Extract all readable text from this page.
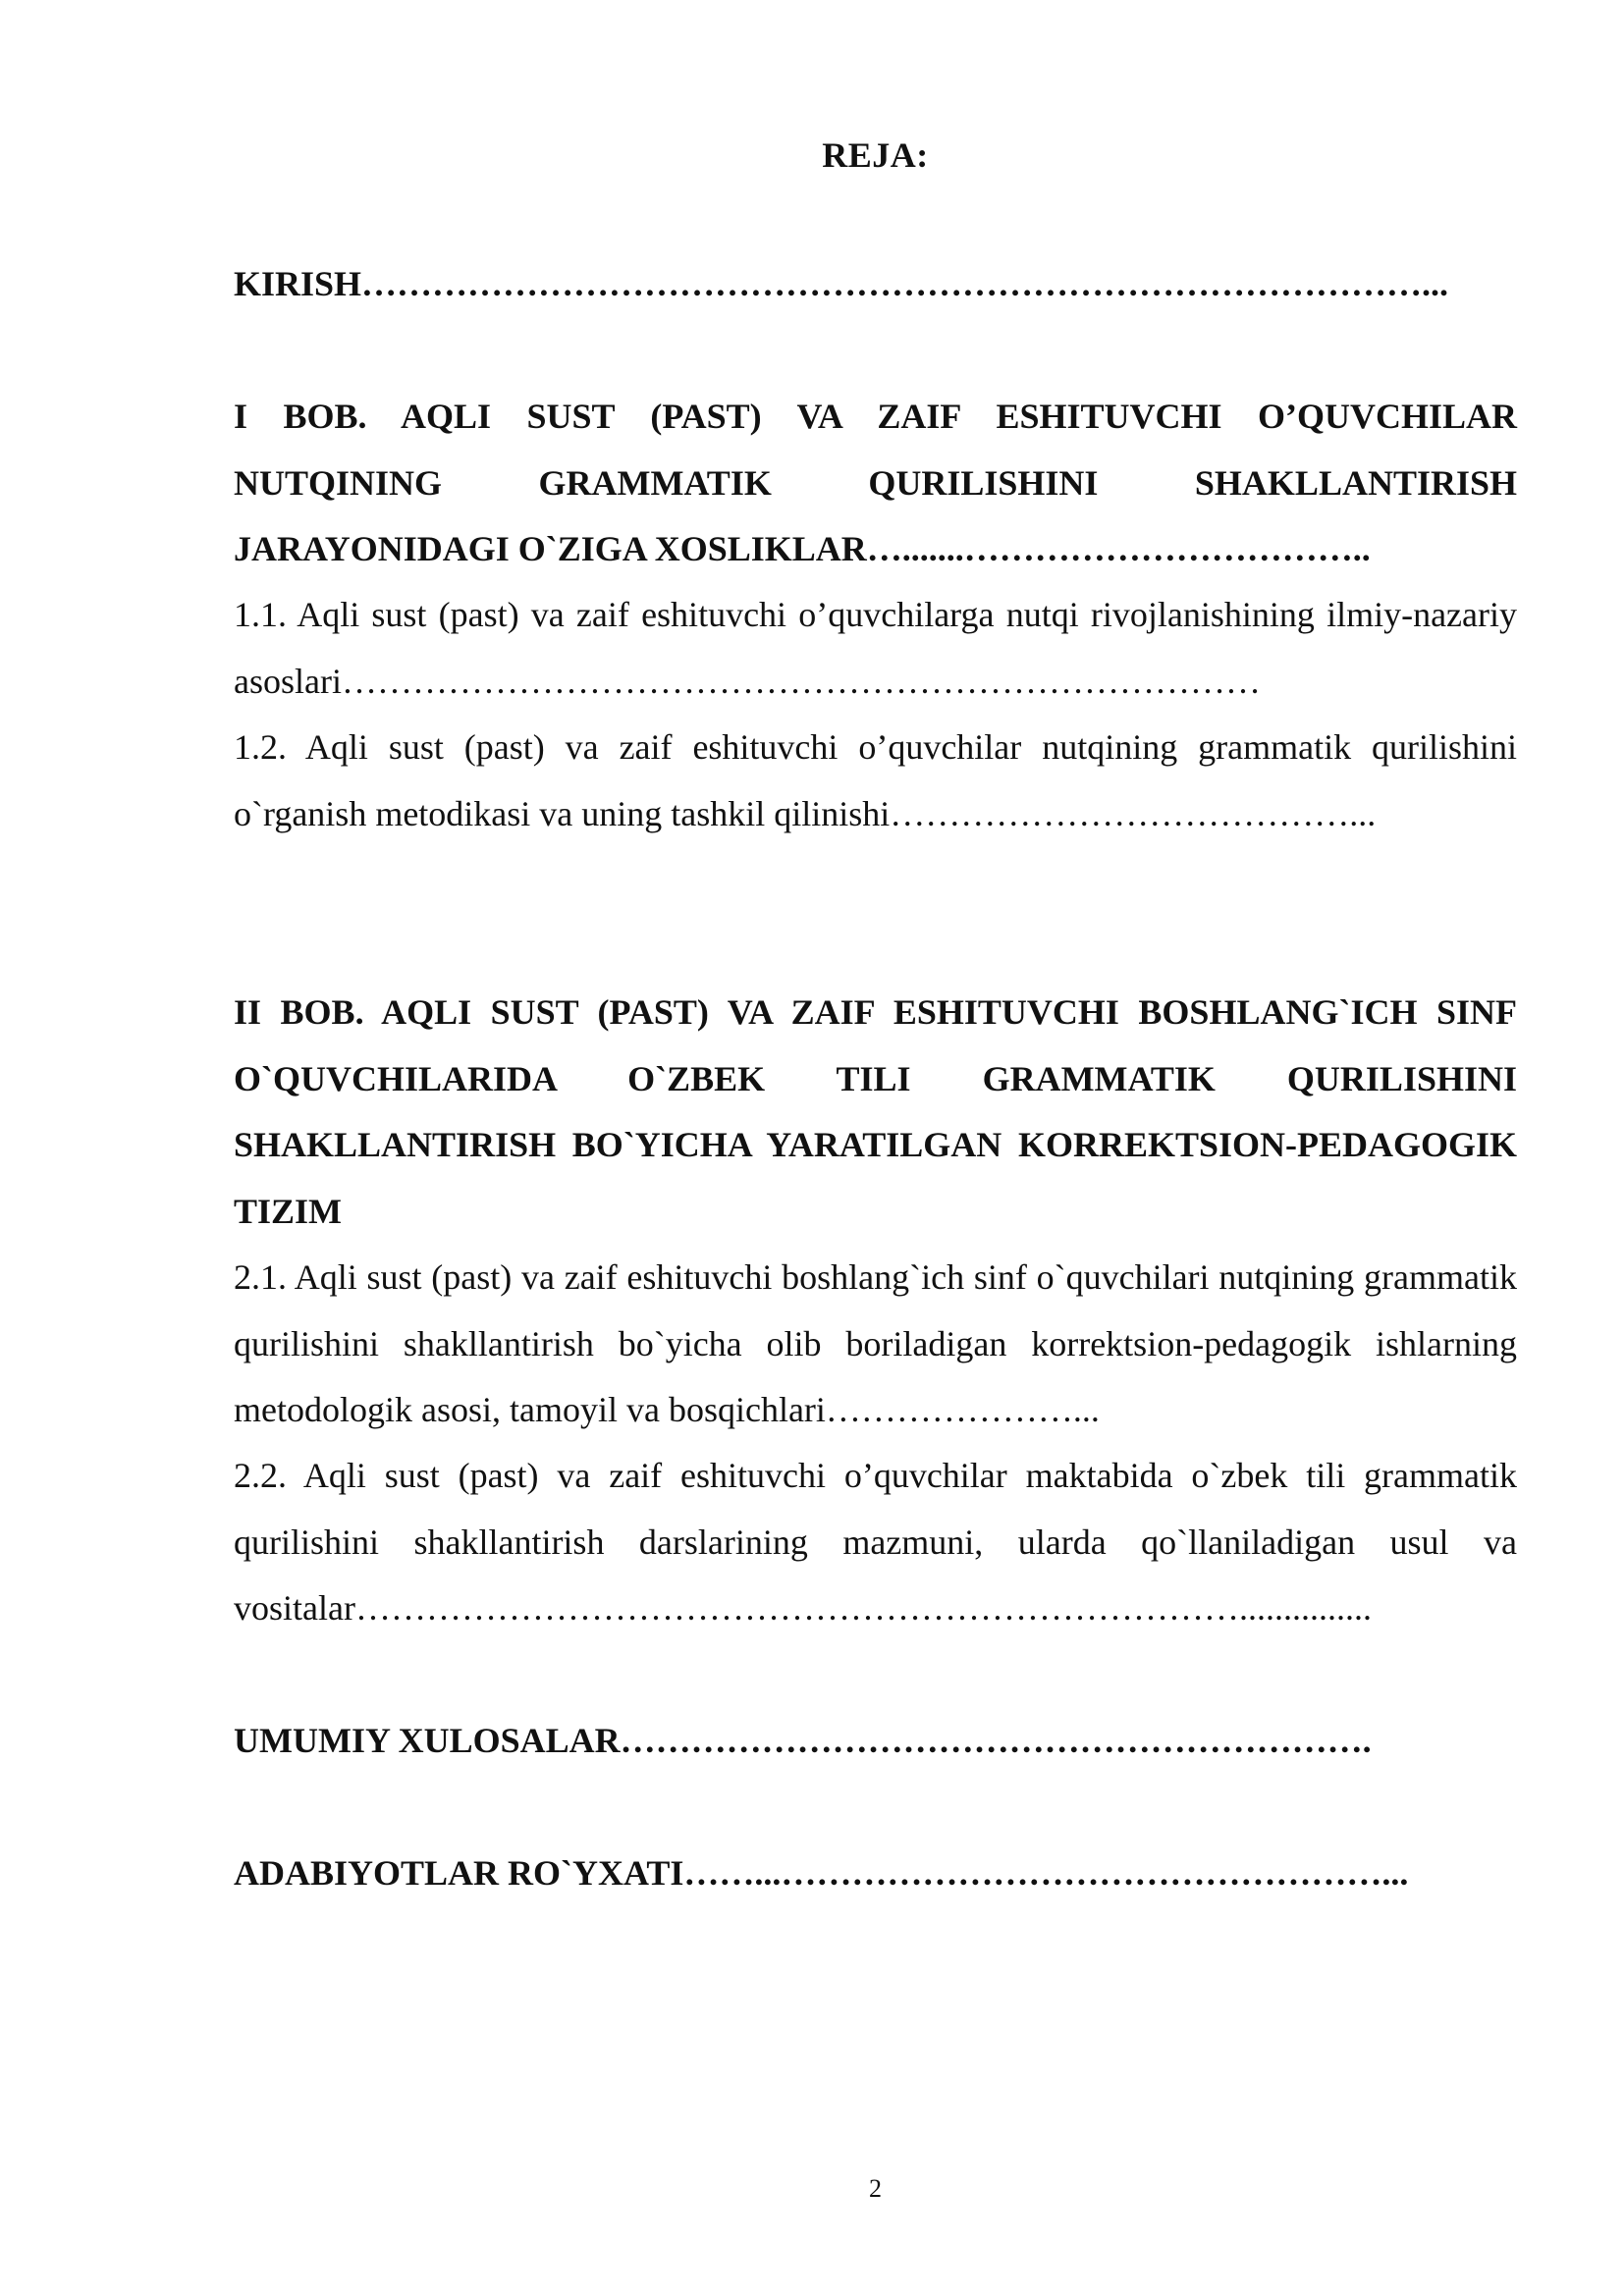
REJA:

KIRISH………………………………………………………………………………...

I BOB. AQLI SUST (PAST) VA ZAIF ESHITUVCHI O’QUVCHILAR NUTQINING GRAMMATIK QURILISHINI SHAKLLANTIRISH JARAYONIDAGI O`ZIGA XOSLIKLAR….......……………………………..

1.1. Aqli sust (past) va zaif eshituvchi o’quvchilarga nutqi rivojlanishining ilmiy-nazariy asoslari……………………………………………………………………

1.2. Aqli sust (past) va zaif eshituvchi o’quvchilar nutqining grammatik qurilishini o`rganish metodikasi va uning tashkil qilinishi…………………………………...

II BOB. AQLI SUST (PAST) VA ZAIF ESHITUVCHI BOSHLANG`ICH SINF O`QUVCHILARIDA O`ZBEK TILI GRAMMATIK QURILISHINI SHAKLLANTIRISH BO`YICHA YARATILGAN KORREKTSION-PEDAGOGIK TIZIM

2.1. Aqli sust (past) va zaif eshituvchi boshlang`ich sinf o`quvchilari nutqining grammatik qurilishini shakllantirish bo`yicha olib boriladigan korrektsion-pedagogik ishlarning metodologik asosi, tamoyil va bosqichlari…………………...

2.2. Aqli sust (past) va zaif eshituvchi o’quvchilar maktabida o`zbek tili grammatik qurilishini shakllantirish darslarining mazmuni, ularda qo`llaniladigan usul va vositalar…………………………………………………………………...............

UMUMIY XULOSALAR……………………………………………………….

ADABIYOTLAR RO`YXATI……...……………………………………………...

2
